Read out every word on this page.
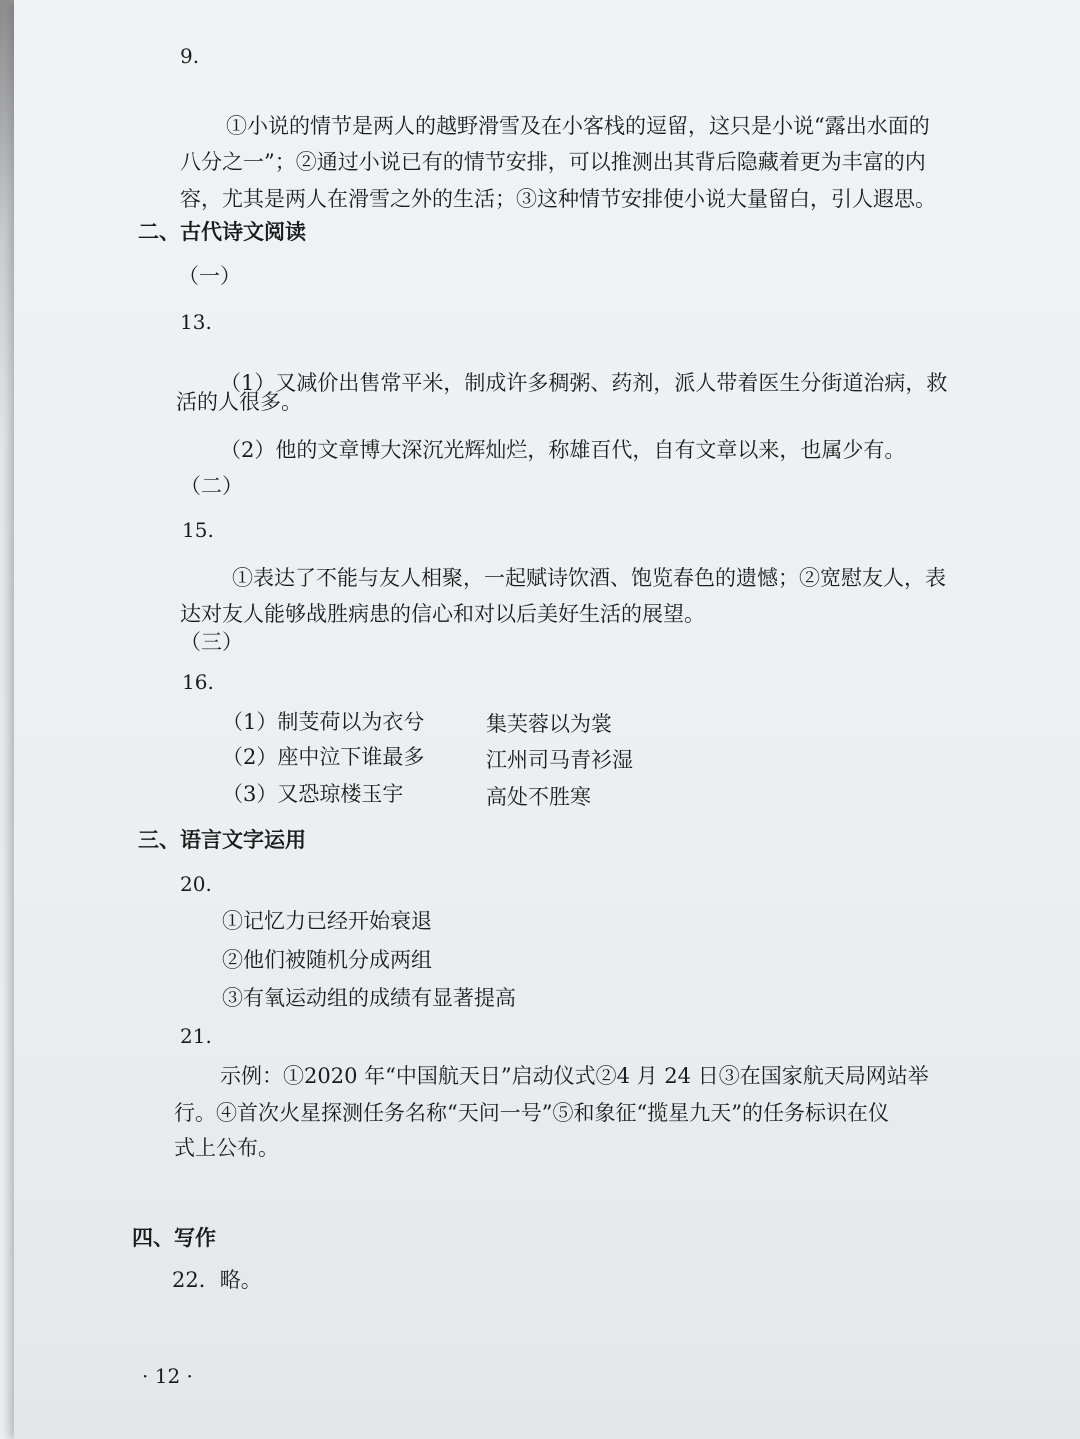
9.
①小说的情节是两人的越野滑雪及在小客栈的逗留，这只是小说“露出水面的
八分之一”；②通过小说已有的情节安排，可以推测出其背后隐藏着更为丰富的内
容，尤其是两人在滑雪之外的生活；③这种情节安排使小说大量留白，引人遐思。
二、古代诗文阅读
（一）
13.
（1）又减价出售常平米，制成许多稠粥、药剂，派人带着医生分街道治病，救
活的人很多。
（2）他的文章博大深沉光辉灿烂，称雄百代，自有文章以来，也属少有。
（二）
15.
①表达了不能与友人相聚，一起赋诗饮酒、饱览春色的遗憾；②宽慰友人，表
达对友人能够战胜病患的信心和对以后美好生活的展望。
（三）
16.
（1）制芰荷以为衣兮	集芙蓉以为裳
（2）座中泣下谁最多	江州司马青衫湿
（3）又恐琼楼玉宇	高处不胜寒
三、语言文字运用
20.
①记忆力已经开始衰退
②他们被随机分成两组
③有氧运动组的成绩有显著提高
21.
示例：①2020 年“中国航天日”启动仪式②4 月 24 日③在国家航天局网站举
行。④首次火星探测任务名称“天问一号”⑤和象征“揽星九天”的任务标识在仪
式上公布。
四、写作
22．略。
· 12 ·
